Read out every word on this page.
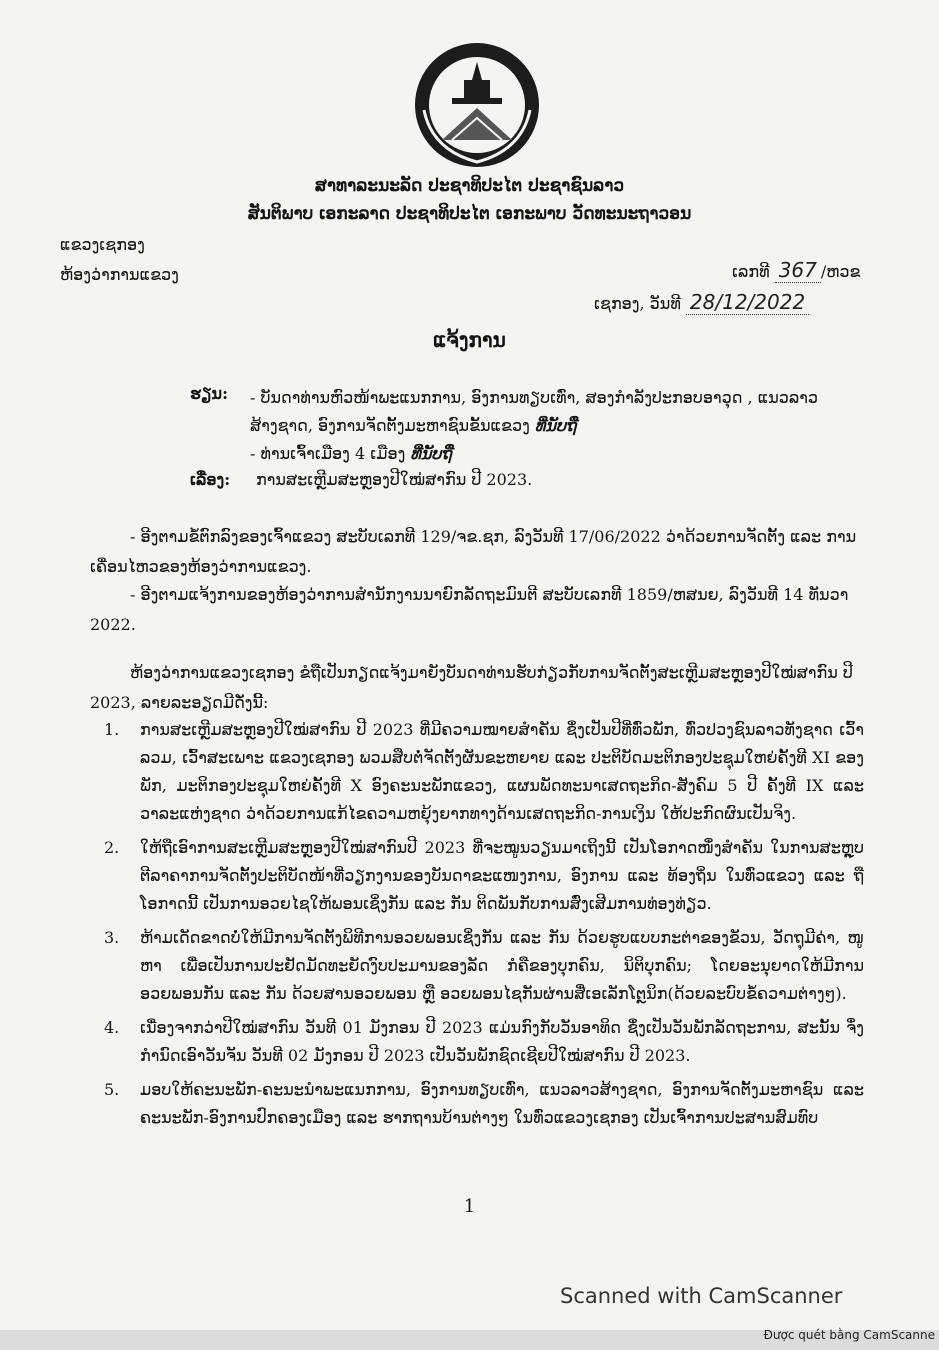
ສາທາລະນະລັດ ປະຊາທິປະໄຕ ປະຊາຊົນລາວ
ສັນຕິພາບ ເອກະລາດ ປະຊາທິປະໄຕ ເອກະພາບ ວັດທະນະຖາວອນ
ແຂວງເຊກອງ
ຫ້ອງວ່າການແຂວງ	ເລກທີ 367 /ຫວຂ
ເຊກອງ, ວັນທີ 28/12/2022
ແຈ້ງການ
ຮຽນ: - ບັນດາທ່ານຫົວໜ້າພະແນກການ, ອົງການທຽບເທົ່າ, ສອງກຳລັງປະກອບອາວຸດ , ແນວລາວ
ສ້າງຊາດ, ອົງການຈັດຕັ້ງມະຫາຊົນຂັ້ນແຂວງ ທີ່ນັບຖື
- ທ່ານເຈົ້າເມືອງ 4 ເມືອງ ທີ່ນັບຖື
ເລື່ອງ: ການສະເຫຼີມສະຫຼອງປີໃໝ່ສາກົນ ປີ 2023.
- ອີງຕາມຂໍ້ຕົກລົງຂອງເຈົ້າແຂວງ ສະບັບເລກທີ 129/ຈຂ.ຊກ, ລົງວັນທີ 17/06/2022 ວ່າດ້ວຍການຈັດຕັ້ງ ແລະ ການເຄື່ອນໄຫວຂອງຫ້ອງວ່າການແຂວງ.
- ອີງຕາມແຈ້ງການຂອງຫ້ອງວ່າການສຳນັກງານນາຍົກລັດຖະມົນຕີ ສະບັບເລກທີ 1859/ຫສນຍ, ລົງວັນທີ 14 ທັນວາ 2022.
ຫ້ອງວ່າການແຂວງເຊກອງ ຂໍຖືເປັນກຽດແຈ້ງມາຍັງບັນດາທ່ານຮັບກ່ຽວກັບການຈັດຕັ້ງສະເຫຼີມສະຫຼອງປີໃໝ່ສາກົນ ປີ 2023, ລາຍລະອຽດມີດັ່ງນີ້:
1.	ການສະເຫຼີມສະຫຼອງປີໃໝ່ສາກົນ ປີ 2023 ທີ່ມີຄວາມໝາຍສຳຄັນ ຊຶ່ງເປັນປີທີ່ທົ່ວພັກ, ທົ່ວປວງຊົນລາວທັງຊາດ ເວົ້າລວມ, ເວົ້າສະເພາະ ແຂວງເຊກອງ ພວມສືບຕໍ່ຈັດຕັ້ງຜັນຂະຫຍາຍ ແລະ ປະຕິບັດມະຕິກອງປະຊຸມໃຫຍ່ຄັ້ງທີ XI ຂອງພັກ, ມະຕິກອງປະຊຸມໃຫຍ່ຄັ້ງທີ X ອົງຄະນະພັກແຂວງ, ແຜນພັດທະນາເສດຖະກິດ-ສັງຄົມ 5 ປີ ຄັ້ງທີ IX ແລະ ວາລະແຫ່ງຊາດ ວ່າດ້ວຍການແກ້ໄຂຄວາມຫຍຸ້ງຍາກທາງດ້ານເສດຖະກິດ-ການເງິນ ໃຫ້ປະກົດຜົນເປັນຈິງ.
2.	ໃຫ້ຖືເອົາການສະເຫຼີມສະຫຼອງປີໃໝ່ສາກົນປີ 2023 ທີ່ຈະໝູນວຽນມາເຖິງນີ້ ເປັນໂອກາດໜຶ່ງສຳຄັນ ໃນການສະຫຼຸບຕີລາຄາການຈັດຕັ້ງປະຕິບັດໜ້າທີ່ວຽກງານຂອງບັນດາຂະແໜງການ, ອົງການ ແລະ ທ້ອງຖິ່ນ ໃນທົ່ວແຂວງ ແລະ ຖືໂອກາດນີ້ ເປັນການອວຍໄຊໃຫ້ພອນເຊິ່ງກັນ ແລະ ກັນ ຕິດພັນກັບການສົ່ງເສີມການທ່ອງທ່ຽວ.
3.	ຫ້າມເດັດຂາດບໍ່ໃຫ້ມີການຈັດຕັ້ງພິທີການອວຍພອນເຊິ່ງກັນ ແລະ ກັນ ດ້ວຍຮູບແບບກະຕ່າຂອງຂັວນ, ວັດຖຸມີຄ່າ, ໜູຫາ ເພື່ອເປັນການປະຢັດມັດທະຍັດງົບປະມານຂອງລັດ ກໍຄືຂອງບຸກຄົນ, ນິຕິບຸກຄົນ; ໂດຍອະນຸຍາດໃຫ້ມີການອວຍພອນກັນ ແລະ ກັນ ດ້ວຍສານອວຍພອນ ຫຼື ອວຍພອນໄຊກັນຜ່ານສື່ເອເລັກໂຕຼນິກ(ດ້ວຍລະບົບຂໍ້ຄວາມຕ່າງໆ).
4.	ເນື່ອງຈາກວ່າປີໃໝ່ສາກົນ ວັນທີ 01 ມັງກອນ ປີ 2023 ແມ່ນກົງກັບວັນອາທິດ ຊຶ່ງເປັນວັນພັກລັດຖະການ, ສະນັ້ນ ຈຶ່ງກຳນົດເອົາວັນຈັນ ວັນທີ 02 ມັງກອນ ປີ 2023 ເປັນວັນພັກຊົດເຊີຍປີໃໝ່ສາກົນ ປີ 2023.
5.	ມອບໃຫ້ຄະນະພັກ-ຄະນະນຳພະແນກການ, ອົງການທຽບເທົ່າ, ແນວລາວສ້າງຊາດ, ອົງການຈັດຕັ້ງມະຫາຊົນ ແລະ ຄະນະພັກ-ອົງການປົກຄອງເມືອງ ແລະ ຮາກຖານບ້ານຕ່າງໆ ໃນທົ່ວແຂວງເຊກອງ ເປັນເຈົ້າການປະສານສົມທົບ
1
Scanned with CamScanner
Được quét bằng CamScanne
